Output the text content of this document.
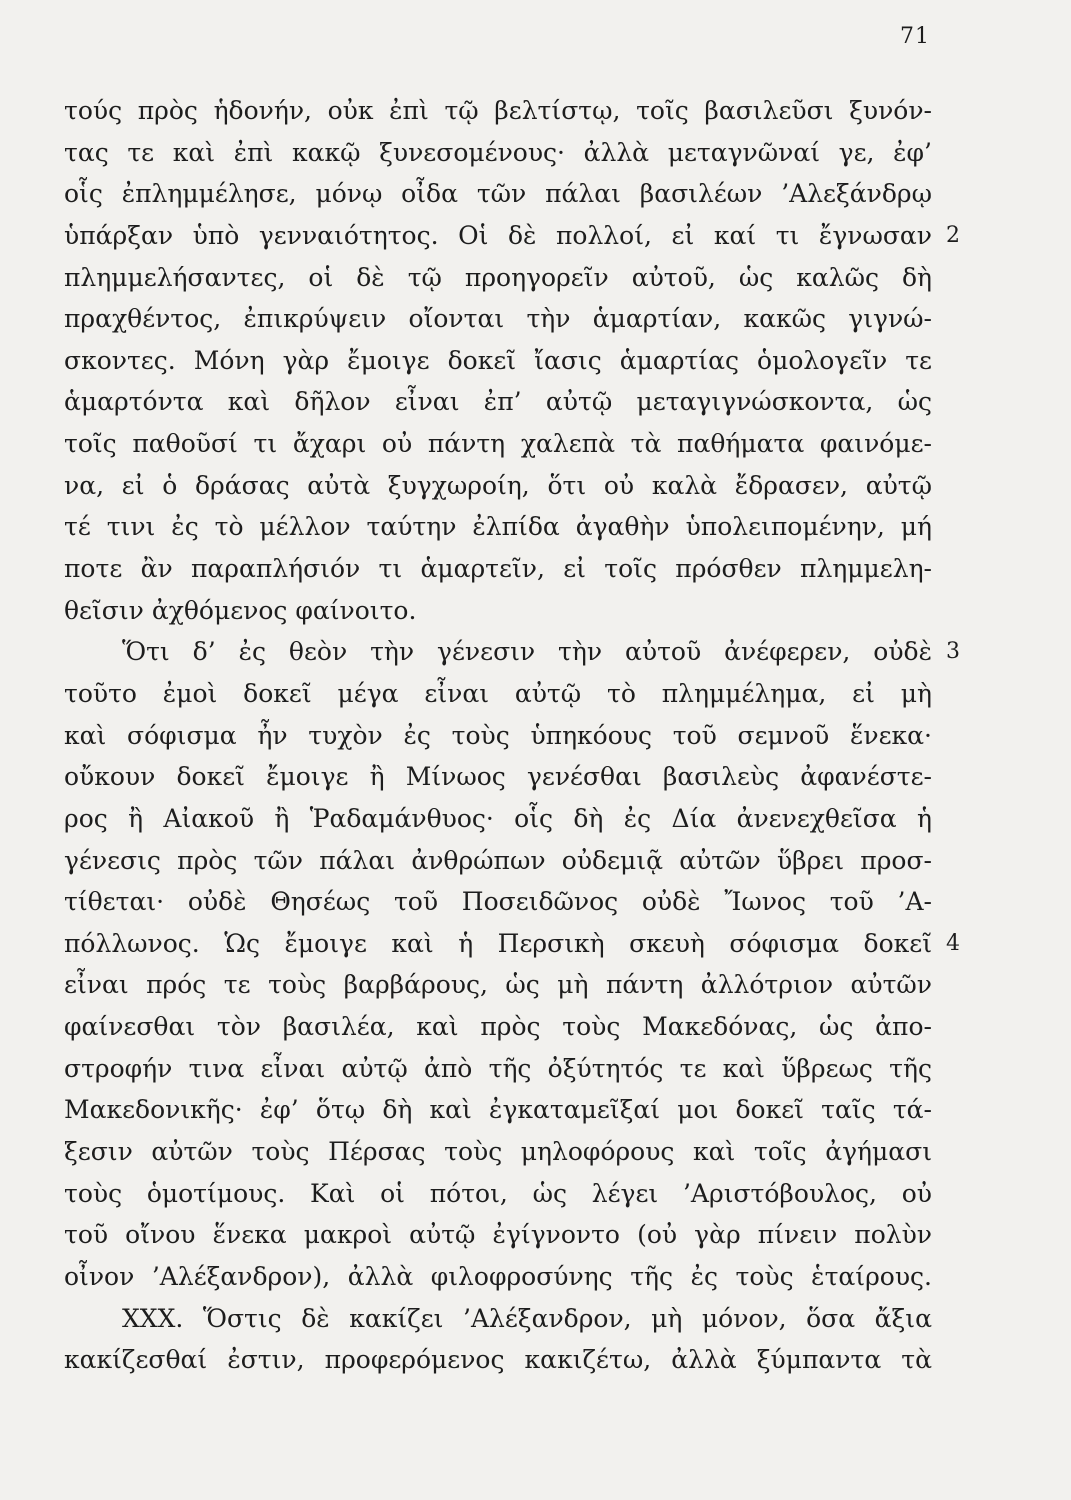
71
τούς πρὸς ἡδονήν, οὐκ ἐπὶ τῷ βελτίστῳ, τοῖς βασιλεῦσι ξυνόν-
τας τε καὶ ἐπὶ κακῷ ξυνεσομένους· ἀλλὰ μεταγνῶναί γε, ἐφ’
οἷς ἐπλημμέλησε, μόνῳ οἶδα τῶν πάλαι βασιλέων ’Αλεξάνδρῳ
ὑπάρξαν ὑπὸ γενναιότητος. Οἱ δὲ πολλοί, εἰ καί τι ἔγνωσαν 2
πλημμελήσαντες, οἱ δὲ τῷ προηγορεῖν αὐτοῦ, ὡς καλῶς δὴ
πραχθέντος, ἐπικρύψειν οἴονται τὴν ἁμαρτίαν, κακῶς γιγνώ-
σκοντες. Μόνη γὰρ ἔμοιγε δοκεῖ ἴασις ἁμαρτίας ὁμολογεῖν τε
ἁμαρτόντα καὶ δῆλον εἶναι ἐπ’ αὐτῷ μεταγιγνώσκοντα, ὡς
τοῖς παθοῦσί τι ἄχαρι οὐ πάντη χαλεπὰ τὰ παθήματα φαινόμε-
να, εἰ ὁ δράσας αὐτὰ ξυγχωροίη, ὅτι οὐ καλὰ ἔδρασεν, αὐτῷ
τέ τινι ἐς τὸ μέλλον ταύτην ἐλπίδα ἀγαθὴν ὑπολειπομένην, μή
ποτε ἂν παραπλήσιόν τι ἁμαρτεῖν, εἰ τοῖς πρόσθεν πλημμελη-
θεῖσιν ἀχθόμενος φαίνοιτο.
Ὅτι δ’ ἐς θεὸν τὴν γένεσιν τὴν αὐτοῦ ἀνέφερεν, οὐδὲ 3
τοῦτο ἐμοὶ δοκεῖ μέγα εἶναι αὐτῷ τὸ πλημμέλημα, εἰ μὴ
καὶ σόφισμα ἦν τυχὸν ἐς τοὺς ὑπηκόους τοῦ σεμνοῦ ἕνεκα·
οὔκουν δοκεῖ ἔμοιγε ἢ Μίνωος γενέσθαι βασιλεὺς ἀφανέστε-
ρος ἢ Αἰακοῦ ἢ Ῥαδαμάνθυος· οἷς δὴ ἐς Δία ἀνενεχθεῖσα ἡ
γένεσις πρὸς τῶν πάλαι ἀνθρώπων οὐδεμιᾷ αὐτῶν ὕβρει προσ-
τίθεται· οὐδὲ Θησέως τοῦ Ποσειδῶνος οὐδὲ Ἴωνος τοῦ ’Α-
πόλλωνος. Ὡς ἔμοιγε καὶ ἡ Περσικὴ σκευὴ σόφισμα δοκεῖ 4
εἶναι πρός τε τοὺς βαρβάρους, ὡς μὴ πάντη ἀλλότριον αὐτῶν
φαίνεσθαι τὸν βασιλέα, καὶ πρὸς τοὺς Μακεδόνας, ὡς ἀπο-
στροφήν τινα εἶναι αὐτῷ ἀπὸ τῆς ὀξύτητός τε καὶ ὕβρεως τῆς
Μακεδονικῆς· ἐφ’ ὅτῳ δὴ καὶ ἐγκαταμεῖξαί μοι δοκεῖ ταῖς τά-
ξεσιν αὐτῶν τοὺς Πέρσας τοὺς μηλοφόρους καὶ τοῖς ἀγήμασι
τοὺς ὁμοτίμους. Καὶ οἱ πότοι, ὡς λέγει ’Αριστόβουλος, οὐ
τοῦ οἴνου ἕνεκα μακροὶ αὐτῷ ἐγίγνοντο (οὐ γὰρ πίνειν πολὺν
οἶνον ’Αλέξανδρον), ἀλλὰ φιλοφροσύνης τῆς ἐς τοὺς ἑταίρους.
XXX. Ὅστις δὲ κακίζει ’Αλέξανδρον, μὴ μόνον, ὅσα ἄξια
κακίζεσθαί ἐστιν, προφερόμενος κακιζέτω, ἀλλὰ ξύμπαντα τὰ
